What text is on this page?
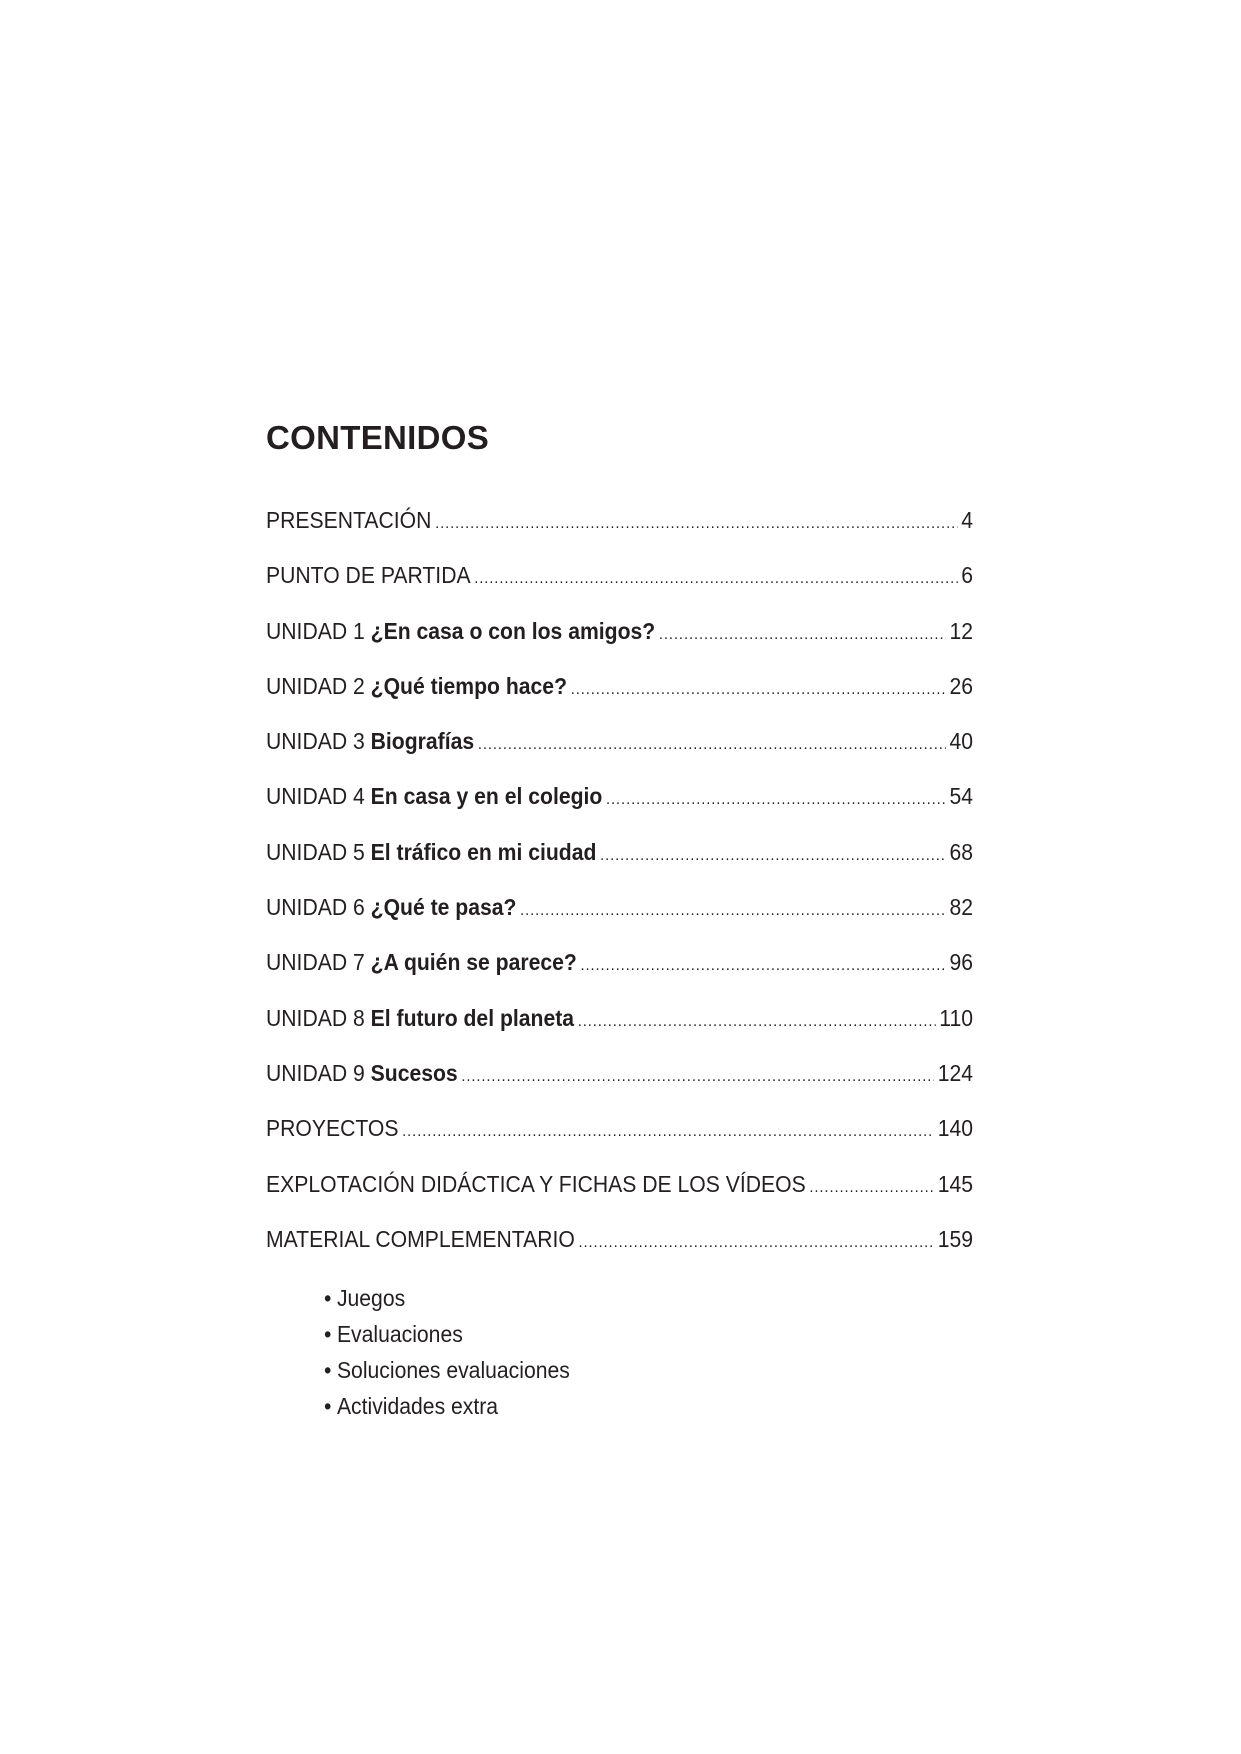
CONTENIDOS
PRESENTACIÓN .....	4
PUNTO DE PARTIDA .....	6
UNIDAD 1 ¿En casa o con los amigos? .....	12
UNIDAD 2 ¿Qué tiempo hace? .....	26
UNIDAD 3 Biografías .....	40
UNIDAD 4 En casa y en el colegio .....	54
UNIDAD 5 El tráfico en mi ciudad .....	68
UNIDAD 6 ¿Qué te pasa? .....	82
UNIDAD 7 ¿A quién se parece? .....	96
UNIDAD 8 El futuro del planeta .....	110
UNIDAD 9 Sucesos .....	124
PROYECTOS .....	140
EXPLOTACIÓN DIDÁCTICA Y FICHAS DE LOS VÍDEOS .....	145
MATERIAL COMPLEMENTARIO .....	159
• Juegos
• Evaluaciones
• Soluciones evaluaciones
• Actividades extra
